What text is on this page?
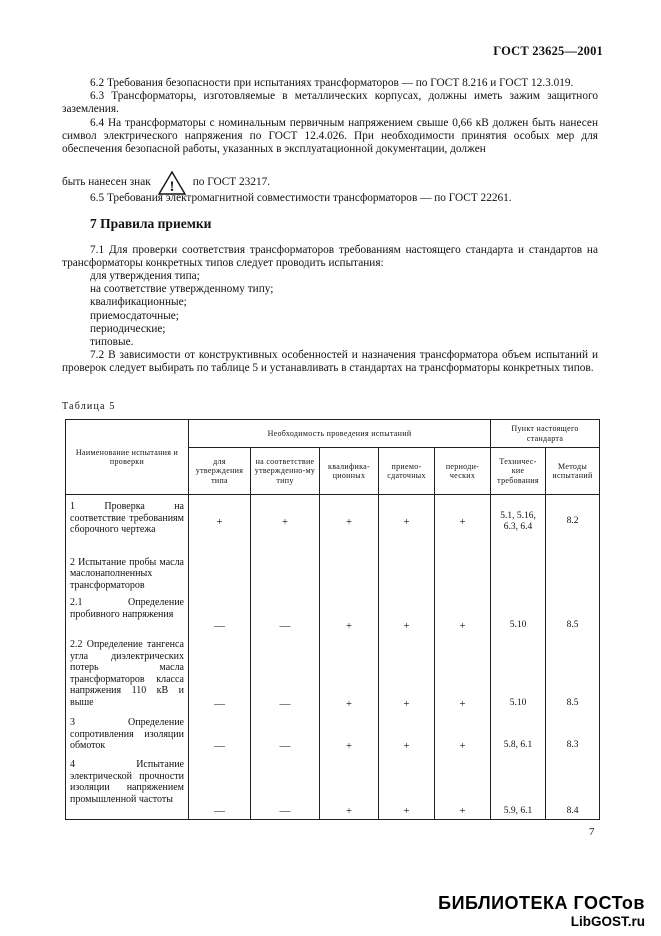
ГОСТ 23625—2001

6.2 Требования безопасности при испытаниях трансформаторов — по ГОСТ 8.216 и ГОСТ 12.3.019.

6.3 Трансформаторы, изготовляемые в металлических корпусах, должны иметь зажим защитного заземления.

6.4 На трансформаторы с номинальным первичным напряжением свыше 0,66 кВ должен быть нанесен символ электрического напряжения по ГОСТ 12.4.026. При необходимости принятия особых мер для обеспечения безопасной работы, указанных в эксплуатационной документации, должен

быть нанесен знак ! по ГОСТ 23217.

6.5 Требования электромагнитной совместимости трансформаторов — по ГОСТ 22261.

7 Правила приемки

7.1 Для проверки соответствия трансформаторов требованиям настоящего стандарта и стандартов на трансформаторы конкретных типов следует проводить испытания:

для утверждения типа;
на соответствие утвержденному типу;
квалификационные;
приемосдаточные;
периодические;
типовые.

7.2 В зависимости от конструктивных особенностей и назначения трансформатора объем испытаний и проверок следует выбирать по таблице 5 и устанавливать в стандартах на трансформаторы конкретных типов.

Таблица 5
Наименование испытания и проверки	Необходимость проведения испытаний					Пункт настоящего стандарта	
	для утверждения типа	на соответствие утвержденно-му типу	квалифика-ционных	приемо-сдаточных	периоди-ческих	Техничес-кие требования	Методы испытаний
1 Проверка на соответствие требованиям сборочного чертежа	+	+	+	+	+	5.1, 5.16, 6.3, 6.4	8.2
2 Испытание пробы масла маслонаполненных трансформаторов							
2.1 Определение пробивного напряжения	—	—	+	+	+	5.10	8.5
2.2 Определение тангенса угла диэлектрических потерь масла трансформаторов класса напряжения 110 кВ и выше	—	—	+	+	+	5.10	8.5
3 Определение сопротивления изоляции обмоток	—	—	+	+	+	5.8, 6.1	8.3
4 Испытание электрической прочности изоляции напряжением промышленной частоты	—	—	+	+	+	5.9, 6.1	8.4
7
БИБЛИОТЕКА ГОСТов
LibGOST.ru
